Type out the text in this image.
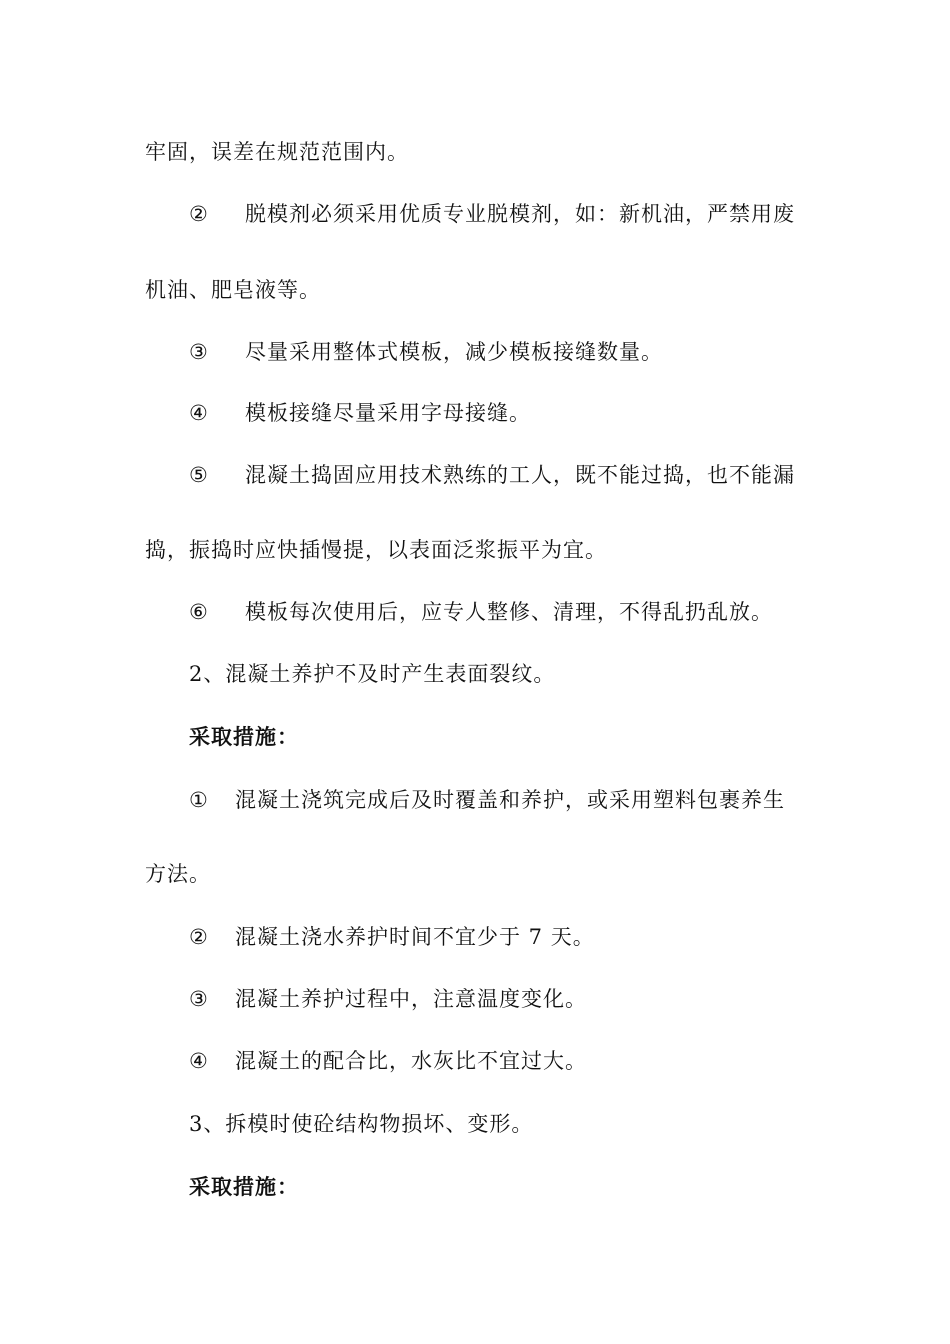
牢固，误差在规范范围内。
② 脱模剂必须采用优质专业脱模剂，如：新机油，严禁用废
机油、肥皂液等。
③ 尽量采用整体式模板，减少模板接缝数量。
④ 模板接缝尽量采用字母接缝。
⑤ 混凝土捣固应用技术熟练的工人，既不能过捣，也不能漏
捣，振捣时应快插慢提，以表面泛浆振平为宜。
⑥ 模板每次使用后，应专人整修、清理，不得乱扔乱放。
2、混凝土养护不及时产生表面裂纹。
采取措施：
① 混凝土浇筑完成后及时覆盖和养护，或采用塑料包裹养生
方法。
② 混凝土浇水养护时间不宜少于 7 天。
③ 混凝土养护过程中，注意温度变化。
④ 混凝土的配合比，水灰比不宜过大。
3、拆模时使砼结构物损坏、变形。
采取措施：
